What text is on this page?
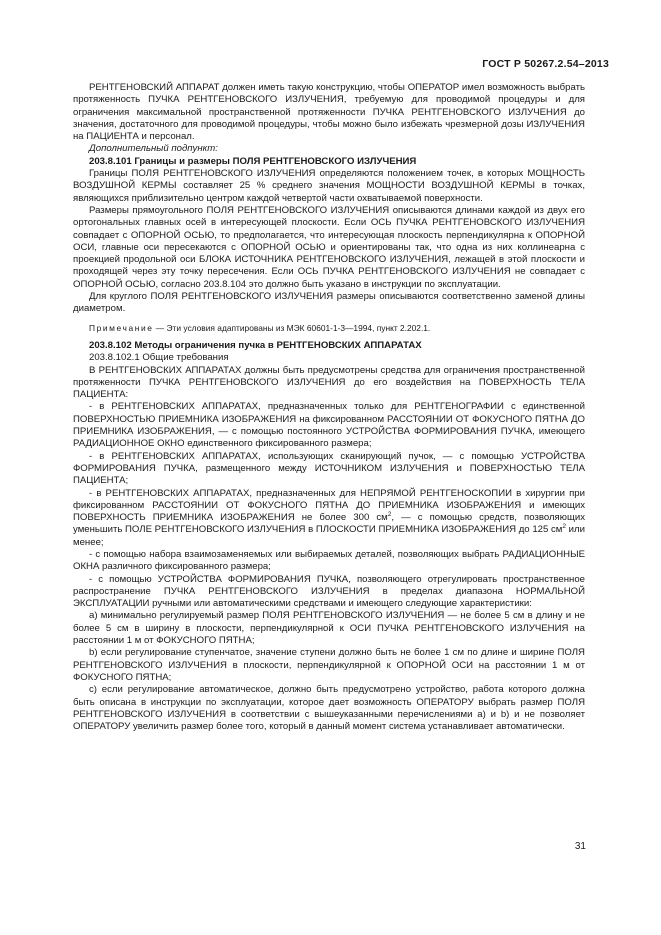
ГОСТ Р 50267.2.54–2013

РЕНТГЕНОВСКИЙ АППАРАТ должен иметь такую конструкцию, чтобы ОПЕРАТОР имел возможность выбрать протяженность ПУЧКА РЕНТГЕНОВСКОГО ИЗЛУЧЕНИЯ, требуемую для проводимой процедуры и для ограничения максимальной пространственной протяженности ПУЧКА РЕНТГЕНОВСКОГО ИЗЛУЧЕНИЯ до значения, достаточного для проводимой процедуры, чтобы можно было избежать чрезмерной дозы ИЗЛУЧЕНИЯ на ПАЦИЕНТА и персонал.

Дополнительный подпункт:

203.8.101 Границы и размеры ПОЛЯ РЕНТГЕНОВСКОГО ИЗЛУЧЕНИЯ

Границы ПОЛЯ РЕНТГЕНОВСКОГО ИЗЛУЧЕНИЯ определяются положением точек, в которых МОЩНОСТЬ ВОЗДУШНОЙ КЕРМЫ составляет 25 % среднего значения МОЩНОСТИ ВОЗДУШНОЙ КЕРМЫ в точках, являющихся приблизительно центром каждой четвертой части охватываемой поверхности.

Размеры прямоугольного ПОЛЯ РЕНТГЕНОВСКОГО ИЗЛУЧЕНИЯ описываются длинами каждой из двух его ортогональных главных осей в интересующей плоскости. Если ОСЬ ПУЧКА РЕНТГЕНОВСКОГО ИЗЛУЧЕНИЯ совпадает с ОПОРНОЙ ОСЬЮ, то предполагается, что интересующая плоскость перпендикулярна к ОПОРНОЙ ОСИ, главные оси пересекаются с ОПОРНОЙ ОСЬЮ и ориентированы так, что одна из них коллинеарна с проекцией продольной оси БЛОКА ИСТОЧНИКА РЕНТГЕНОВСКОГО ИЗЛУЧЕНИЯ, лежащей в этой плоскости и проходящей через эту точку пересечения. Если ОСЬ ПУЧКА РЕНТГЕНОВСКОГО ИЗЛУЧЕНИЯ не совпадает с ОПОРНОЙ ОСЬЮ, согласно 203.8.104 это должно быть указано в инструкции по эксплуатации.

Для круглого ПОЛЯ РЕНТГЕНОВСКОГО ИЗЛУЧЕНИЯ размеры описываются соответственно заменой длины диаметром.

Примечание — Эти условия адаптированы из МЭК 60601-1-3—1994, пункт 2.202.1.

203.8.102 Методы ограничения пучка в РЕНТГЕНОВСКИХ АППАРАТАХ

203.8.102.1 Общие требования

В РЕНТГЕНОВСКИХ АППАРАТАХ должны быть предусмотрены средства для ограничения пространственной протяженности ПУЧКА РЕНТГЕНОВСКОГО ИЗЛУЧЕНИЯ до его воздействия на ПОВЕРХНОСТЬ ТЕЛА ПАЦИЕНТА:

- в РЕНТГЕНОВСКИХ АППАРАТАХ, предназначенных только для РЕНТГЕНОГРАФИИ с единственной ПОВЕРХНОСТЬЮ ПРИЕМНИКА ИЗОБРАЖЕНИЯ на фиксированном РАССТОЯНИИ ОТ ФОКУСНОГО ПЯТНА ДО ПРИЕМНИКА ИЗОБРАЖЕНИЯ, — с помощью постоянного УСТРОЙСТВА ФОРМИРОВАНИЯ ПУЧКА, имеющего РАДИАЦИОННОЕ ОКНО единственного фиксированного размера;

- в РЕНТГЕНОВСКИХ АППАРАТАХ, использующих сканирующий пучок, — с помощью УСТРОЙСТВА ФОРМИРОВАНИЯ ПУЧКА, размещенного между ИСТОЧНИКОМ ИЗЛУЧЕНИЯ и ПОВЕРХНОСТЬЮ ТЕЛА ПАЦИЕНТА;

- в РЕНТГЕНОВСКИХ АППАРАТАХ, предназначенных для НЕПРЯМОЙ РЕНТГЕНОСКОПИИ в хирургии при фиксированном РАССТОЯНИИ ОТ ФОКУСНОГО ПЯТНА ДО ПРИЕМНИКА ИЗОБРАЖЕНИЯ и имеющих ПОВЕРХНОСТЬ ПРИЕМНИКА ИЗОБРАЖЕНИЯ не более 300 $см^2$, — с помощью средств, позволяющих уменьшить ПОЛЕ РЕНТГЕНОВСКОГО ИЗЛУЧЕНИЯ в ПЛОСКОСТИ ПРИЕМНИКА ИЗОБРАЖЕНИЯ до 125 $см^2$ или менее;

- с помощью набора взаимозаменяемых или выбираемых деталей, позволяющих выбрать РАДИАЦИОННЫЕ ОКНА различного фиксированного размера;

- с помощью УСТРОЙСТВА ФОРМИРОВАНИЯ ПУЧКА, позволяющего отрегулировать пространственное распространение ПУЧКА РЕНТГЕНОВСКОГО ИЗЛУЧЕНИЯ в пределах диапазона НОРМАЛЬНОЙ ЭКСПЛУАТАЦИИ ручными или автоматическими средствами и имеющего следующие характеристики:

a) минимально регулируемый размер ПОЛЯ РЕНТГЕНОВСКОГО ИЗЛУЧЕНИЯ — не более 5 см в длину и не более 5 см в ширину в плоскости, перпендикулярной к ОСИ ПУЧКА РЕНТГЕНОВСКОГО ИЗЛУЧЕНИЯ на расстоянии 1 м от ФОКУСНОГО ПЯТНА;

b) если регулирование ступенчатое, значение ступени должно быть не более 1 см по длине и ширине ПОЛЯ РЕНТГЕНОВСКОГО ИЗЛУЧЕНИЯ в плоскости, перпендикулярной к ОПОРНОЙ ОСИ на расстоянии 1 м от ФОКУСНОГО ПЯТНА;

c) если регулирование автоматическое, должно быть предусмотрено устройство, работа которого должна быть описана в инструкции по эксплуатации, которое дает возможность ОПЕРАТОРУ выбрать размер ПОЛЯ РЕНТГЕНОВСКОГО ИЗЛУЧЕНИЯ в соответствии с вышеуказанными перечислениями a) и b) и не позволяет ОПЕРАТОРУ увеличить размер более того, который в данный момент система устанавливает автоматически.

31
